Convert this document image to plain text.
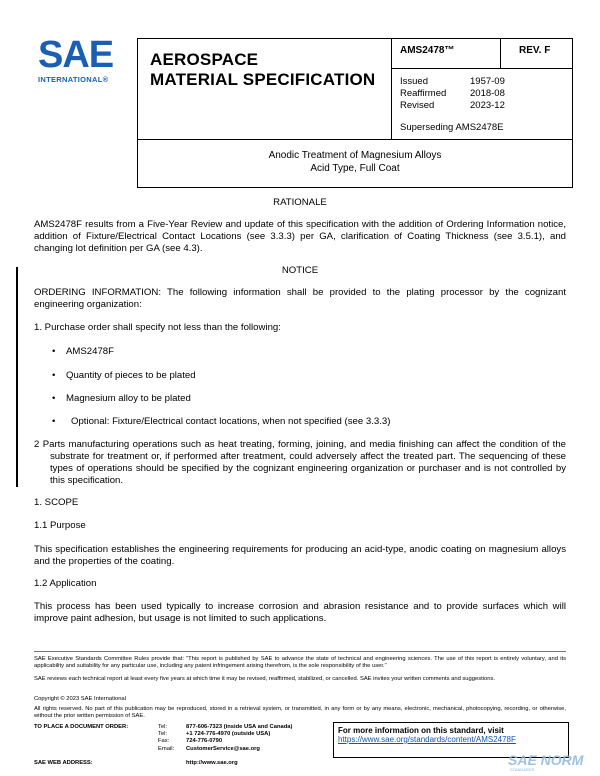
SAE
INTERNATIONAL®
AEROSPACE
MATERIAL SPECIFICATION
AMS2478™	REV. F
Issued	1957-09
Reaffirmed	2018-08
Revised	2023-12
Superseding AMS2478E
Anodic Treatment of Magnesium Alloys
Acid Type, Full Coat
RATIONALE
AMS2478F results from a Five-Year Review and update of this specification with the addition of Ordering Information notice, addition of Fixture/Electrical Contact Locations (see 3.3.3) per GA, clarification of Coating Thickness (see 3.5.1), and changing lot definition per GA (see 4.3).
NOTICE
ORDERING INFORMATION: The following information shall be provided to the plating processor by the cognizant engineering organization:
1. Purchase order shall specify not less than the following:
• AMS2478F
• Quantity of pieces to be plated
• Magnesium alloy to be plated
• Optional: Fixture/Electrical contact locations, when not specified (see 3.3.3)
2 Parts manufacturing operations such as heat treating, forming, joining, and media finishing can affect the condition of the substrate for treatment or, if performed after treatment, could adversely affect the treated part. The sequencing of these types of operations should be specified by the cognizant engineering organization or purchaser and is not controlled by this specification.
1. SCOPE
1.1 Purpose
This specification establishes the engineering requirements for producing an acid-type, anodic coating on magnesium alloys and the properties of the coating.
1.2 Application
This process has been used typically to increase corrosion and abrasion resistance and to provide surfaces which will improve paint adhesion, but usage is not limited to such applications.
SAE Executive Standards Committee Rules provide that: “This report is published by SAE to advance the state of technical and engineering sciences. The use of this report is entirely voluntary, and its applicability and suitability for any particular use, including any patent infringement arising therefrom, is the sole responsibility of the user.”
SAE reviews each technical report at least every five years at which time it may be revised, reaffirmed, stabilized, or cancelled. SAE invites your written comments and suggestions.
Copyright © 2023 SAE International
All rights reserved. No part of this publication may be reproduced, stored in a retrieval system, or transmitted, in any form or by any means, electronic, mechanical, photocopying, recording, or otherwise, without the prior written permission of SAE.
TO PLACE A DOCUMENT ORDER:	Tel:	877-606-7323 (inside USA and Canada)
Tel:	+1 724-776-4970 (outside USA)
Fax:	724-776-0790
Email:	CustomerService@sae.org
SAE WEB ADDRESS:	http://www.sae.org
For more information on this standard, visit
https://www.sae.org/standards/content/AMS2478F
SAE NORM
STANDARDS
